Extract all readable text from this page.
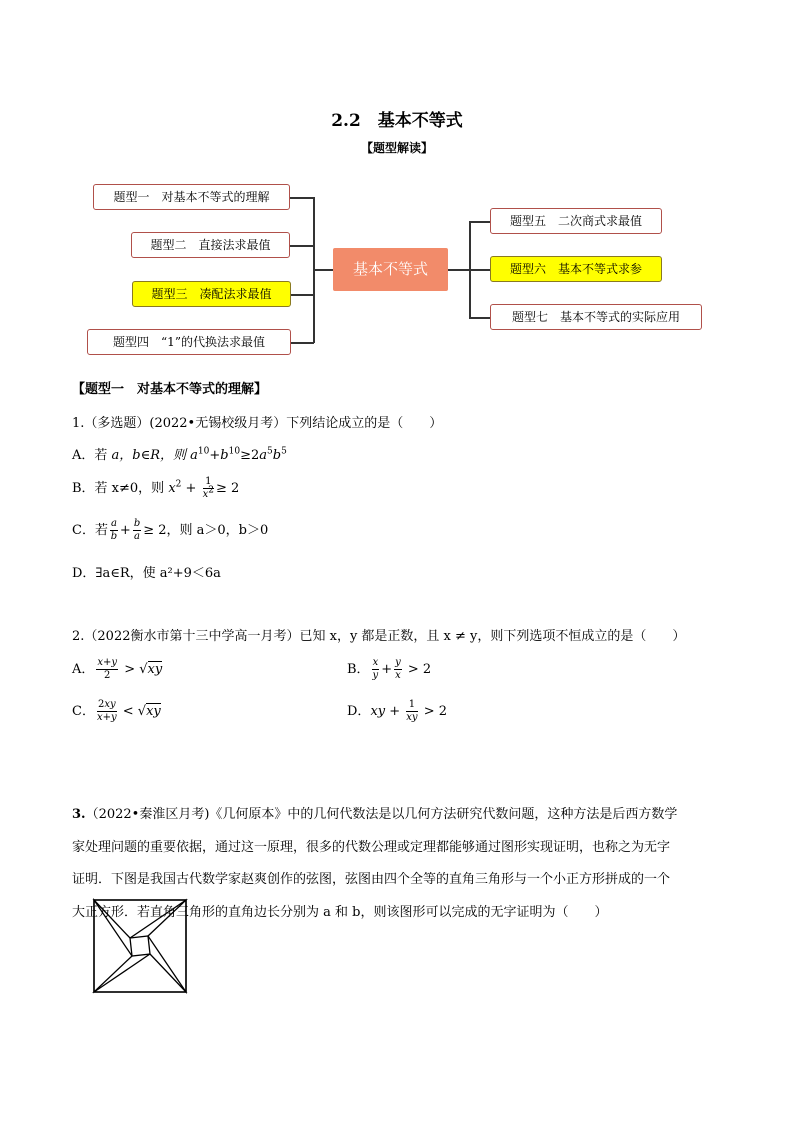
2.2　基本不等式
【题型解读】
题型一　对基本不等式的理解
题型二　直接法求最值
题型三　凑配法求最值
题型四　“1”的代换法求最值
基本不等式
题型五　二次商式求最值
题型六　基本不等式求参
题型七　基本不等式的实际应用
【题型一　对基本不等式的理解】
1.（多选题）(2022•无锡校级月考）下列结论成立的是（　　）
A．若 a，b∈R，则 $a^{10}+b^{10}\ge 2a^5b^5$
B．若 x≠0，则 $x^2 + \frac{1}{x^2} \ge 2$
C．若 $\frac{a}{b} + \frac{b}{a} \ge 2$，则 a＞0，b＞0
D．∃a∈R，使 a²+9＜6a
2.（2022衡水市第十三中学高一月考）已知 x，y 都是正数，且 x ≠ y，则下列选项不恒成立的是（　　）
A． $\frac{x+y}{2} > √xy$	B． $\frac{x}{y} + \frac{y}{x} > 2$
C． $\frac{2xy}{x+y} < √xy$	D．xy + $\frac{1}{xy} > 2$
3.（2022•秦淮区月考)《几何原本》中的几何代数法是以几何方法研究代数问题，这种方法是后西方数学
家处理问题的重要依据，通过这一原理，很多的代数公理或定理都能够通过图形实现证明，也称之为无字
证明．下图是我国古代数学家赵爽创作的弦图，弦图由四个全等的直角三角形与一个小正方形拼成的一个
大正方形．若直角三角形的直角边长分别为 a 和 b，则该图形可以完成的无字证明为（　　）
